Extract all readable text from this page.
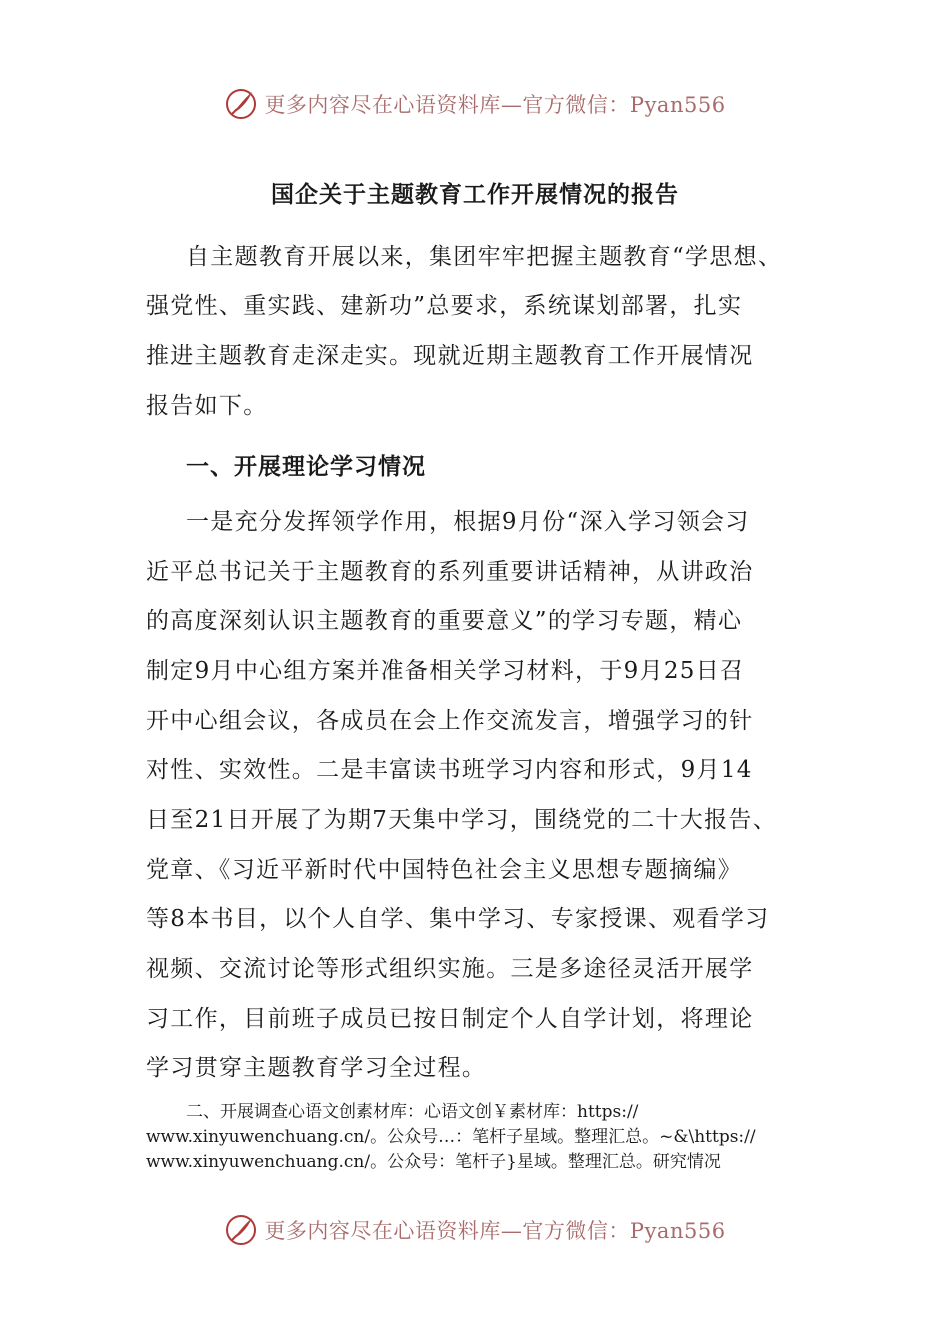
更多内容尽在心语资料库—官方微信：Pyan556
国企关于主题教育工作开展情况的报告

自主题教育开展以来，集团牢牢把握主题教育“学思想、

强党性、重实践、建新功”总要求，系统谋划部署，扎实

推进主题教育走深走实。现就近期主题教育工作开展情况

报告如下。

一、开展理论学习情况

一是充分发挥领学作用，根据9月份“深入学习领会习

近平总书记关于主题教育的系列重要讲话精神，从讲政治

的高度深刻认识主题教育的重要意义”的学习专题，精心

制定9月中心组方案并准备相关学习材料，于9月25日召

开中心组会议，各成员在会上作交流发言，增强学习的针

对性、实效性。二是丰富读书班学习内容和形式，9月14

日至21日开展了为期7天集中学习，围绕党的二十大报告、

党章、《习近平新时代中国特色社会主义思想专题摘编》

等8本书目，以个人自学、集中学习、专家授课、观看学习

视频、交流讨论等形式组织实施。三是多途径灵活开展学

习工作，目前班子成员已按日制定个人自学计划，将理论

学习贯穿主题教育学习全过程。

二、开展调查心语文创素材库：心语文创￥素材库：https://

www.xinyuwenchuang.cn/。公众号…：笔杆子星域。整理汇总。~&\https://

www.xinyuwenchuang.cn/。公众号：笔杆子}星域。整理汇总。研究情况

更多内容尽在心语资料库—官方微信：Pyan556
